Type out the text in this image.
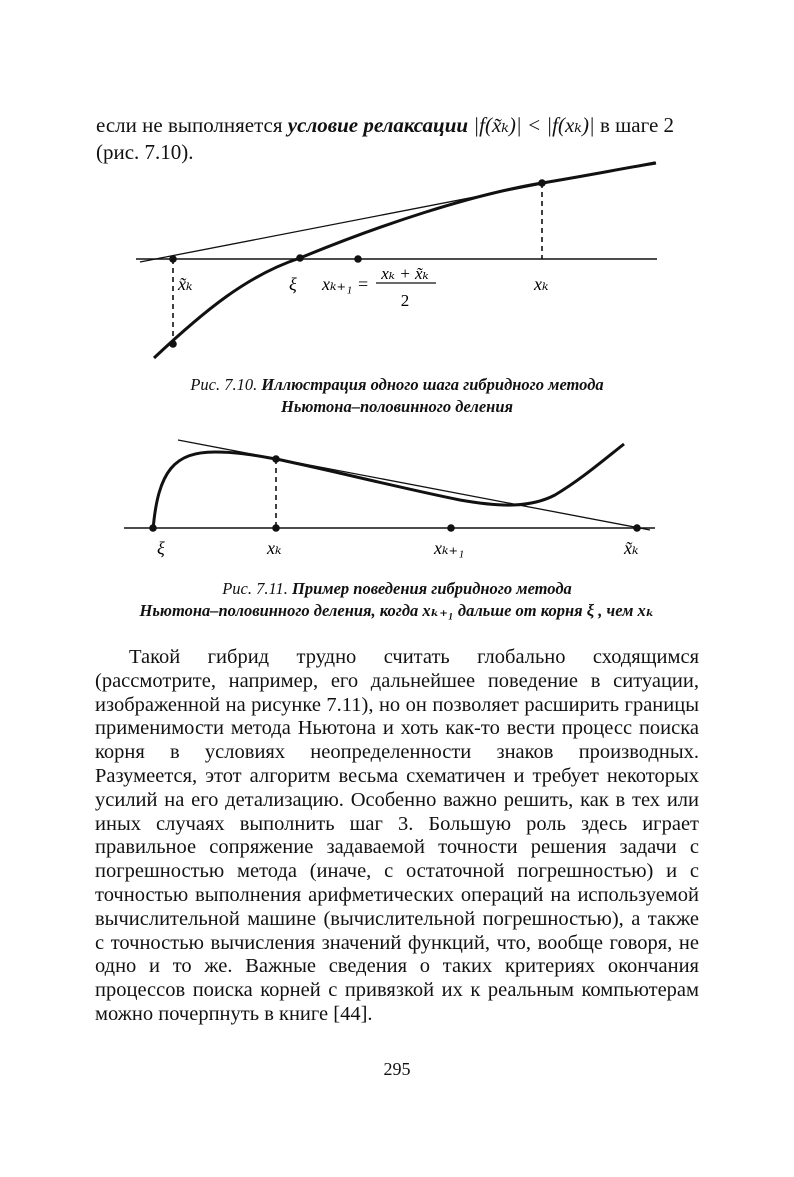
если не выполняется условие релаксации |f(x̃ₖ)| < |f(xₖ)| в шаге 2
(рис. 7.10).
x̃ₖ	ξ xₖ₊₁ =
xₖ + x̃ₖ
2
xₖ
Рис. 7.10. Иллюстрация одного шага гибридного метода
Ньютона–половинного деления
ξ	xₖ	xₖ₊₁	x̃ₖ
Рис. 7.11. Пример поведения гибридного метода
Ньютона–половинного деления, когда xₖ₊₁ дальше от корня ξ , чем xₖ

Такой гибрид трудно считать глобально сходящимся (рассмотрите, например, его дальнейшее поведение в ситуации, изображенной на рисунке 7.11), но он позволяет расширить границы применимости метода Ньютона и хоть как-то вести процесс поиска корня в условиях неопределенности знаков производных. Разумеется, этот алгоритм весьма схематичен и требует некоторых усилий на его детализацию. Особенно важно решить, как в тех или иных случаях выполнить шаг 3. Большую роль здесь играет правильное сопряжение задаваемой точности решения задачи с погрешностью метода (иначе, с остаточной погрешностью) и с точностью выполнения арифметических операций на используемой вычислительной машине (вычислительной погрешностью), а также с точностью вычисления значений функций, что, вообще говоря, не одно и то же. Важные сведения о таких критериях окончания процессов поиска корней с привязкой их к реальным компьютерам можно почерпнуть в книге [44].

295
